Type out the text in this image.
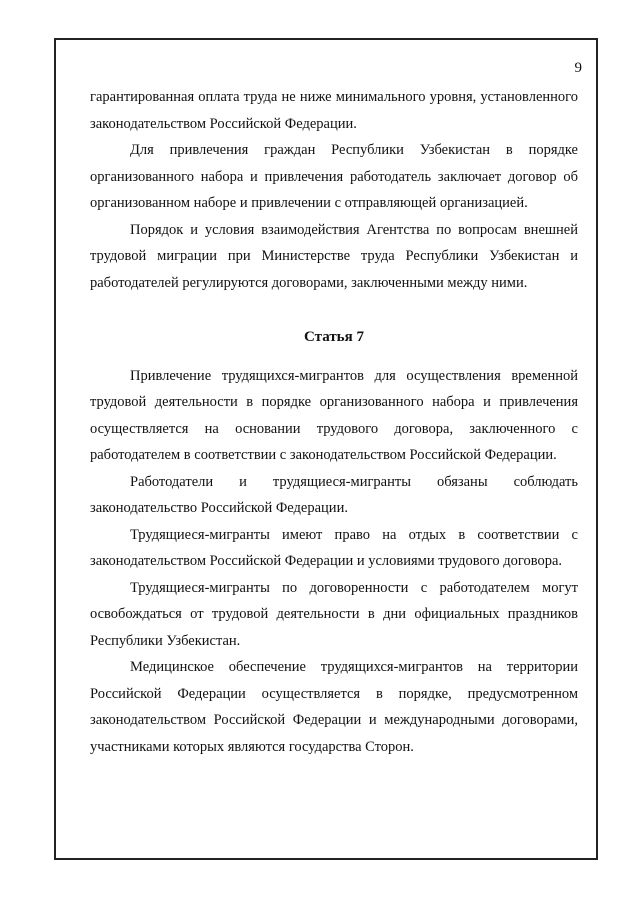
9

гарантированная оплата труда не ниже минимального уровня, установленного законодательством Российской Федерации.

Для привлечения граждан Республики Узбекистан в порядке организованного набора и привлечения работодатель заключает договор об организованном наборе и привлечении с отправляющей организацией.

Порядок и условия взаимодействия Агентства по вопросам внешней трудовой миграции при Министерстве труда Республики Узбекистан и работодателей регулируются договорами, заключенными между ними.

Статья 7

Привлечение трудящихся-мигрантов для осуществления временной трудовой деятельности в порядке организованного набора и привлечения осуществляется на основании трудового договора, заключенного с работодателем в соответствии с законодательством Российской Федерации.

Работодатели и трудящиеся-мигранты обязаны соблюдать законодательство Российской Федерации.

Трудящиеся-мигранты имеют право на отдых в соответствии с законодательством Российской Федерации и условиями трудового договора.

Трудящиеся-мигранты по договоренности с работодателем могут освобождаться от трудовой деятельности в дни официальных праздников Республики Узбекистан.

Медицинское обеспечение трудящихся-мигрантов на территории Российской Федерации осуществляется в порядке, предусмотренном законодательством Российской Федерации и международными договорами, участниками которых являются государства Сторон.
